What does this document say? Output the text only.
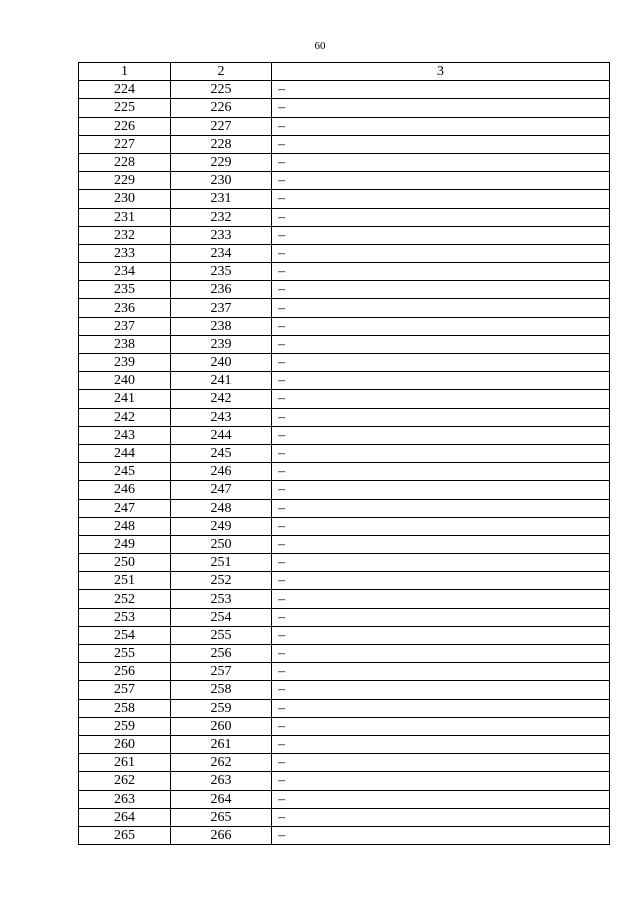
60
1	2	3
224	225	–
225	226	–
226	227	–
227	228	–
228	229	–
229	230	–
230	231	–
231	232	–
232	233	–
233	234	–
234	235	–
235	236	–
236	237	–
237	238	–
238	239	–
239	240	–
240	241	–
241	242	–
242	243	–
243	244	–
244	245	–
245	246	–
246	247	–
247	248	–
248	249	–
249	250	–
250	251	–
251	252	–
252	253	–
253	254	–
254	255	–
255	256	–
256	257	–
257	258	–
258	259	–
259	260	–
260	261	–
261	262	–
262	263	–
263	264	–
264	265	–
265	266	–
